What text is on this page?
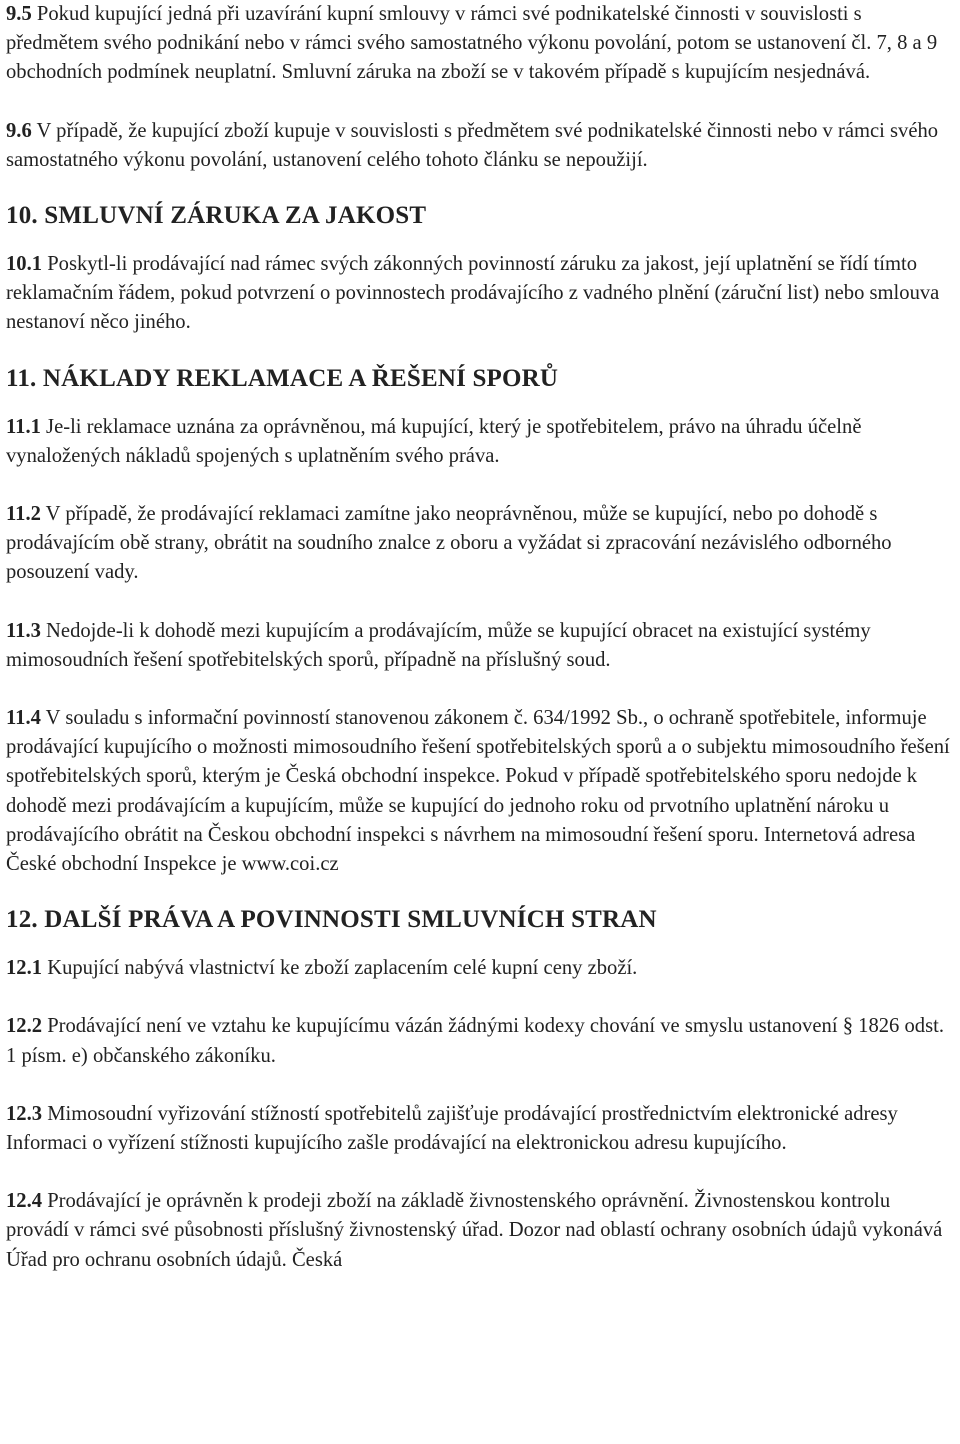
9.5 Pokud kupující jedná při uzavírání kupní smlouvy v rámci své podnikatelské činnosti v souvislosti s předmětem svého podnikání nebo v rámci svého samostatného výkonu povolání, potom se ustanovení čl. 7, 8 a 9 obchodních podmínek neuplatní. Smluvní záruka na zboží se v takovém případě s kupujícím nesjednává.

9.6 V případě, že kupující zboží kupuje v souvislosti s předmětem své podnikatelské činnosti nebo v rámci svého samostatného výkonu povolání, ustanovení celého tohoto článku se nepoužijí.

10. SMLUVNÍ ZÁRUKA ZA JAKOST

10.1 Poskytl-li prodávající nad rámec svých zákonných povinností záruku za jakost, její uplatnění se řídí tímto reklamačním řádem, pokud potvrzení o povinnostech prodávajícího z vadného plnění (záruční list) nebo smlouva nestanoví něco jiného.

11. NÁKLADY REKLAMACE A ŘEŠENÍ SPORŮ

11.1 Je-li reklamace uznána za oprávněnou, má kupující, který je spotřebitelem, právo na úhradu účelně vynaložených nákladů spojených s uplatněním svého práva.

11.2 V případě, že prodávající reklamaci zamítne jako neoprávněnou, může se kupující, nebo po dohodě s prodávajícím obě strany, obrátit na soudního znalce z oboru a vyžádat si zpracování nezávislého odborného posouzení vady.

11.3 Nedojde-li k dohodě mezi kupujícím a prodávajícím, může se kupující obracet na existující systémy mimosoudních řešení spotřebitelských sporů, případně na příslušný soud.

11.4 V souladu s informační povinností stanovenou zákonem č. 634/1992 Sb., o ochraně spotřebitele, informuje prodávající kupujícího o možnosti mimosoudního řešení spotřebitelských sporů a o subjektu mimosoudního řešení spotřebitelských sporů, kterým je Česká obchodní inspekce. Pokud v případě spotřebitelského sporu nedojde k dohodě mezi prodávajícím a kupujícím, může se kupující do jednoho roku od prvotního uplatnění nároku u prodávajícího obrátit na Českou obchodní inspekci s návrhem na mimosoudní řešení sporu. Internetová adresa České obchodní Inspekce je www.coi.cz

12. DALŠÍ PRÁVA A POVINNOSTI SMLUVNÍCH STRAN

12.1 Kupující nabývá vlastnictví ke zboží zaplacením celé kupní ceny zboží.

12.2 Prodávající není ve vztahu ke kupujícímu vázán žádnými kodexy chování ve smyslu ustanovení § 1826 odst. 1 písm. e) občanského zákoníku.

12.3 Mimosoudní vyřizování stížností spotřebitelů zajišťuje prodávající prostřednictvím elektronické adresy Informaci o vyřízení stížnosti kupujícího zašle prodávající na elektronickou adresu kupujícího.

12.4 Prodávající je oprávněn k prodeji zboží na základě živnostenského oprávnění. Živnostenskou kontrolu provádí v rámci své působnosti příslušný živnostenský úřad. Dozor nad oblastí ochrany osobních údajů vykonává Úřad pro ochranu osobních údajů. Česká
